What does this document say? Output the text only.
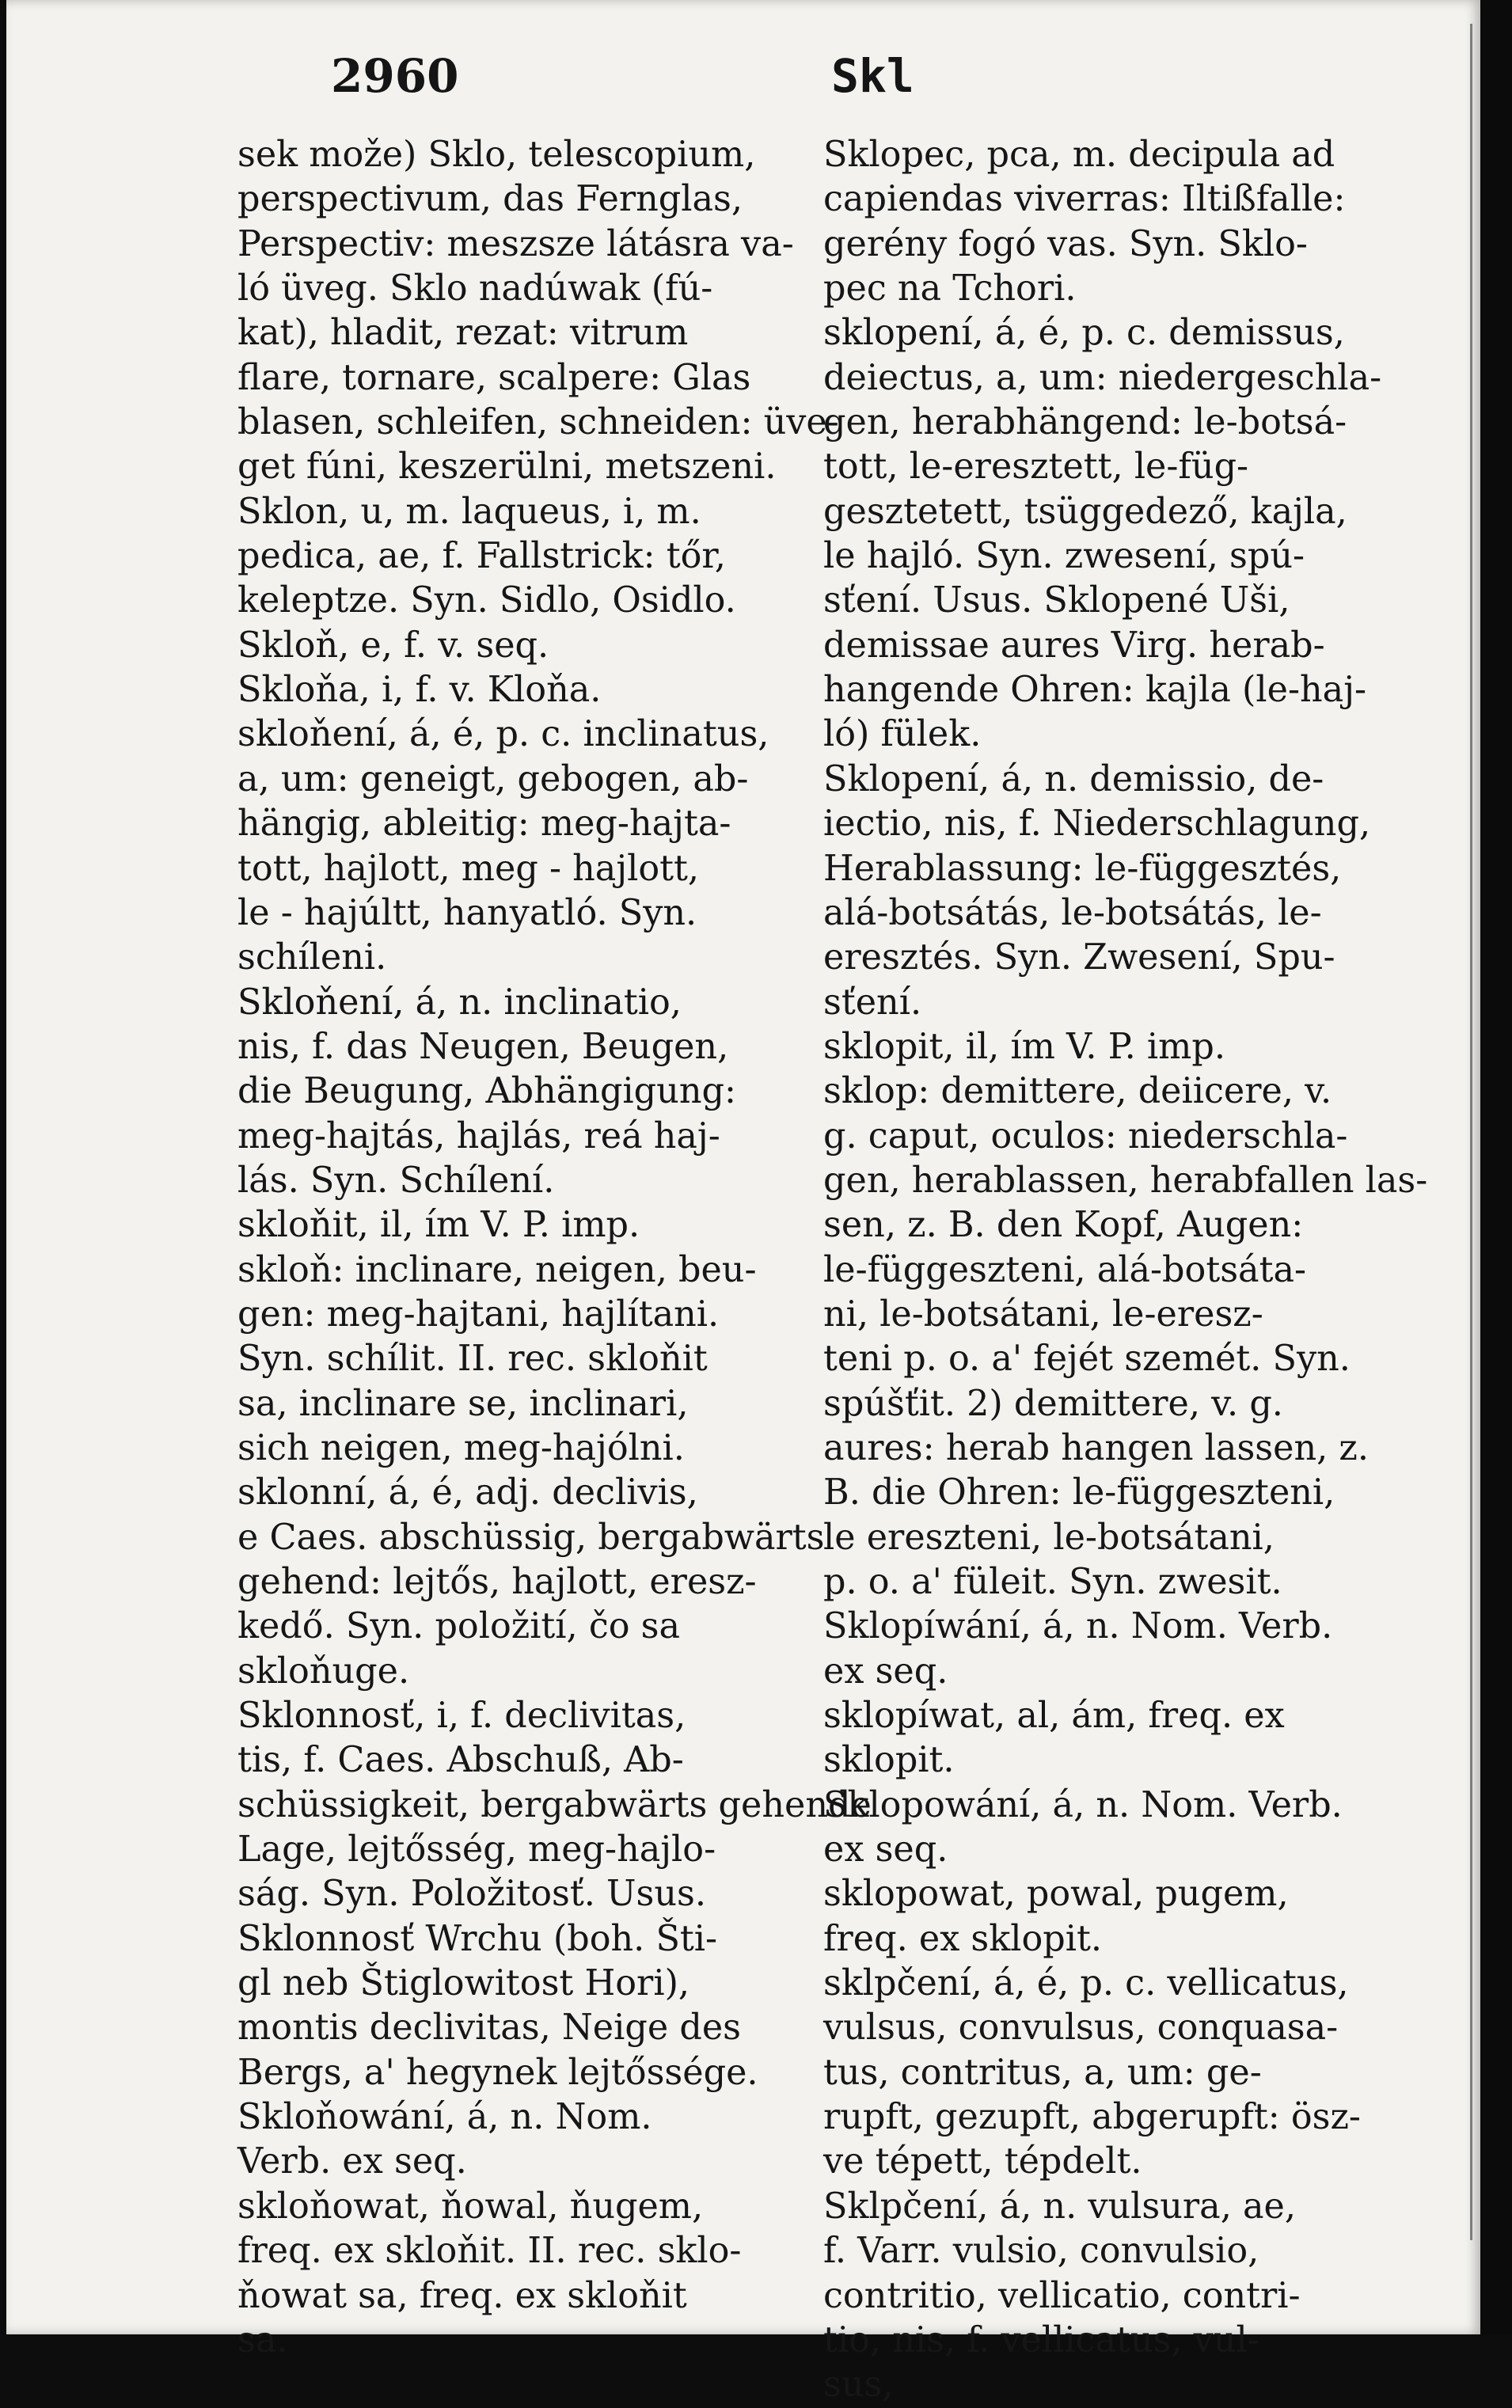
2960	Skl
sek može) Sklo, telescopium,
perspectivum, das Fernglas,
Perspectiv: meszsze látásra va-
ló üveg. Sklo nadúwak (fú-
kat), hladit, rezat: vitrum
flare, tornare, scalpere: Glas
blasen, schleifen, schneiden: üve-
get fúni, keszerülni, metszeni.
Sklon, u, m. laqueus, i, m.
pedica, ae, f. Fallstrick: tőr,
keleptze. Syn. Sidlo, Osidlo.
Skloň, e, f. v. seq.
Skloňa, i, f. v. Kloňa.
skloňení, á, é, p. c. inclinatus,
a, um: geneigt, gebogen, ab-
hängig, ableitig: meg-hajta-
tott, hajlott, meg - hajlott,
le - hajúltt, hanyatló. Syn.
schíleni.
Skloňení, á, n. inclinatio,
nis, f. das Neugen, Beugen,
die Beugung, Abhängigung:
meg-hajtás, hajlás, reá haj-
lás. Syn. Schílení.
skloňit, il, ím V. P. imp.
skloň: inclinare, neigen, beu-
gen: meg-hajtani, hajlítani.
Syn. schílit. II. rec. skloňit
sa, inclinare se, inclinari,
sich neigen, meg-hajólni.
sklonní, á, é, adj. declivis,
e Caes. abschüssig, bergabwärts
gehend: lejtős, hajlott, eresz-
kedő. Syn. položití, čo sa
skloňuge.
Sklonnosť, i, f. declivitas,
tis, f. Caes. Abschuß, Ab-
schüssigkeit, bergabwärts gehende
Lage, lejtősség, meg-hajlo-
ság. Syn. Položitosť. Usus.
Sklonnosť Wrchu (boh. Šti-
gl neb Štiglowitost Hori),
montis declivitas, Neige des
Bergs, a' hegynek lejtőssége.
Skloňowání, á, n. Nom.
Verb. ex seq.
skloňowat, ňowal, ňugem,
freq. ex skloňit. II. rec. sklo-
ňowat sa, freq. ex skloňit
sa.
Sklopec, pca, m. decipula ad
capiendas viverras: Iltißfalle:
gerény fogó vas. Syn. Sklo-
pec na Tchori.
sklopení, á, é, p. c. demissus,
deiectus, a, um: niedergeschla-
gen, herabhängend: le-botsá-
tott, le-eresztett, le-füg-
gesztetett, tsüggedező, kajla,
le hajló. Syn. zwesení, spú-
sťení. Usus. Sklopené Uši,
demissae aures Virg. herab-
hangende Ohren: kajla (le-haj-
ló) fülek.
Sklopení, á, n. demissio, de-
iectio, nis, f. Niederschlagung,
Herablassung: le-függesztés,
alá-botsátás, le-botsátás, le-
eresztés. Syn. Zwesení, Spu-
sťení.
sklopit, il, ím V. P. imp.
sklop: demittere, deiicere, v.
g. caput, oculos: niederschla-
gen, herablassen, herabfallen las-
sen, z. B. den Kopf, Augen:
le-függeszteni, alá-botsáta-
ni, le-botsátani, le-eresz-
teni p. o. a' fejét szemét. Syn.
spúšťit. 2) demittere, v. g.
aures: herab hangen lassen, z.
B. die Ohren: le-függeszteni,
le ereszteni, le-botsátani,
p. o. a' füleit. Syn. zwesit.
Sklopíwání, á, n. Nom. Verb.
ex seq.
sklopíwat, al, ám, freq. ex
sklopit.
Sklopowání, á, n. Nom. Verb.
ex seq.
sklopowat, powal, pugem,
freq. ex sklopit.
sklpčení, á, é, p. c. vellicatus,
vulsus, convulsus, conquasa-
tus, contritus, a, um: ge-
rupft, gezupft, abgerupft: ösz-
ve tépett, tépdelt.
Sklpčení, á, n. vulsura, ae,
f. Varr. vulsio, convulsio,
contritio, vellicatio, contri-
tio, nis, f. vellicatus, vul-
sus,
